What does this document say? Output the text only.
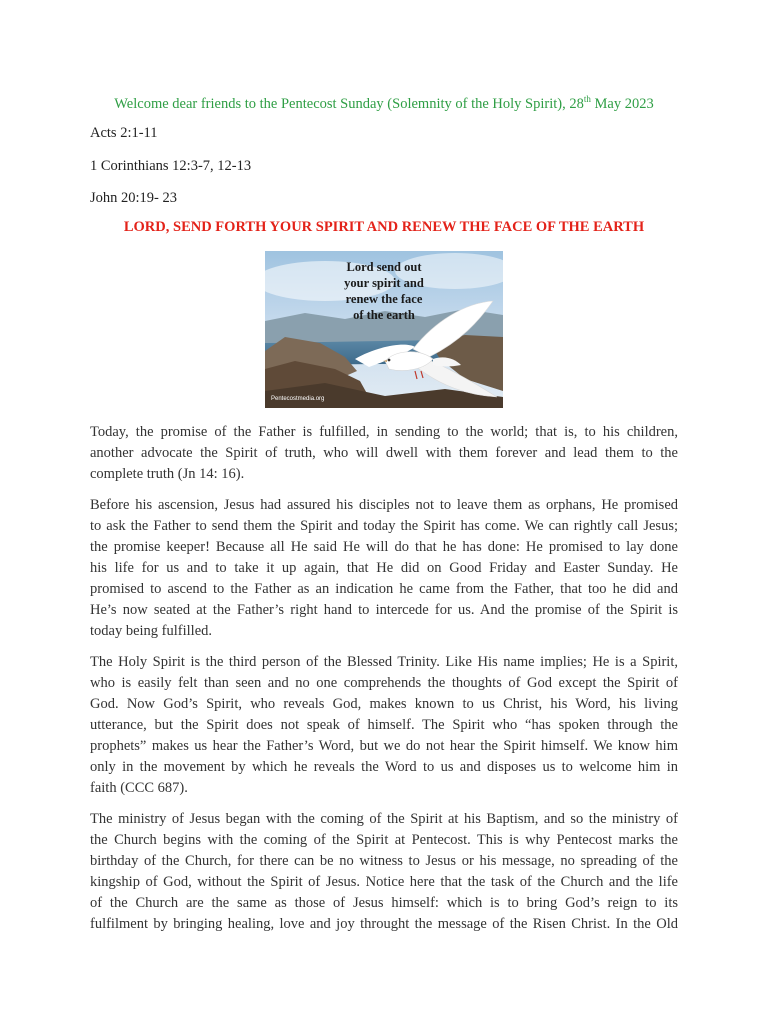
Welcome dear friends to the Pentecost Sunday (Solemnity of the Holy Spirit), 28th May 2023
Acts 2:1-11
1 Corinthians 12:3-7, 12-13
John 20:19- 23
LORD, SEND FORTH YOUR SPIRIT AND RENEW THE FACE OF THE EARTH
Lord send out
your spirit and
renew the face
of the earth
Pentecostmedia.org
Today, the promise of the Father is fulfilled, in sending to the world; that is, to his children,
another advocate the Spirit of truth, who will dwell with them forever and lead them to the
complete truth (Jn 14: 16).
Before his ascension, Jesus had assured his disciples not to leave them as orphans, He promised
to ask the Father to send them the Spirit and today the Spirit has come. We can rightly call Jesus;
the promise keeper! Because all He said He will do that he has done: He promised to lay done
his life for us and to take it up again, that He did on Good Friday and Easter Sunday. He
promised to ascend to the Father as an indication he came from the Father, that too he did and
He’s now seated at the Father’s right hand to intercede for us. And the promise of the Spirit is
today being fulfilled.
The Holy Spirit is the third person of the Blessed Trinity. Like His name implies; He is a Spirit,
who is easily felt than seen and no one comprehends the thoughts of God except the Spirit of
God. Now God’s Spirit, who reveals God, makes known to us Christ, his Word, his living
utterance, but the Spirit does not speak of himself. The Spirit who “has spoken through the
prophets” makes us hear the Father’s Word, but we do not hear the Spirit himself. We know him
only in the movement by which he reveals the Word to us and disposes us to welcome him in
faith (CCC 687).
The ministry of Jesus began with the coming of the Spirit at his Baptism, and so the ministry of
the Church begins with the coming of the Spirit at Pentecost. This is why Pentecost marks the
birthday of the Church, for there can be no witness to Jesus or his message, no spreading of the
kingship of God, without the Spirit of Jesus. Notice here that the task of the Church and the life
of the Church are the same as those of Jesus himself: which is to bring God’s reign to its
fulfilment by bringing healing, love and joy throught the message of the Risen Christ. In the Old
